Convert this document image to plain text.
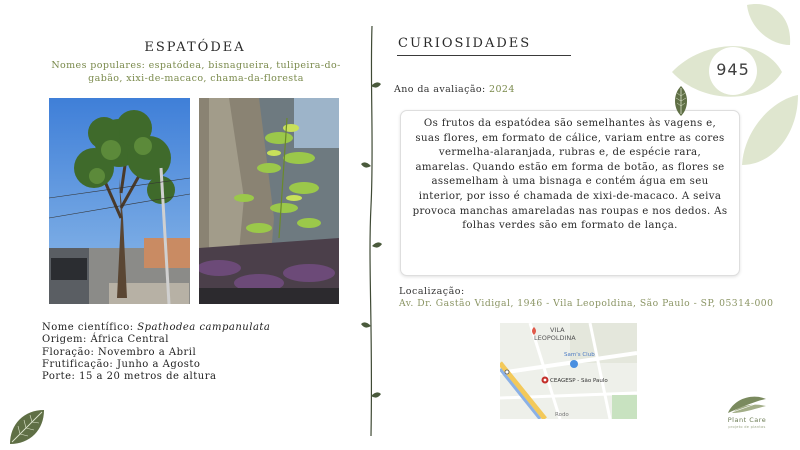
ESPATÓDEA
Nomes populares: espatódea, bisnagueira, tulipeira-do-gabão, xixi-de-macaco, chama-da-floresta
Nome científico: Spathodea campanulata
Origem: África Central
Floração: Novembro a Abril
Frutificação: Junho a Agosto
Porte: 15 a 20 metros de altura
CURIOSIDADES
Ano da avaliação: 2024
Os frutos da espatódea são semelhantes às vagens e, suas flores, em formato de cálice, variam entre as cores vermelha-alaranjada, rubras e, de espécie rara, amarelas. Quando estão em forma de botão, as flores se assemelham à uma bisnaga e contém água em seu interior, por isso é chamada de xixi-de-macaco. A seiva provoca manchas amareladas nas roupas e nos dedos. As folhas verdes são em formato de lança.
Localização:
Av. Dr. Gastão Vidigal, 1946 - Vila Leopoldina, São Paulo - SP, 05314-000
VILA
LEOPOLDINA
Sam's Club
CEAGESP - São Paulo
Rodo
945
Plant Care
projeto de plantas
